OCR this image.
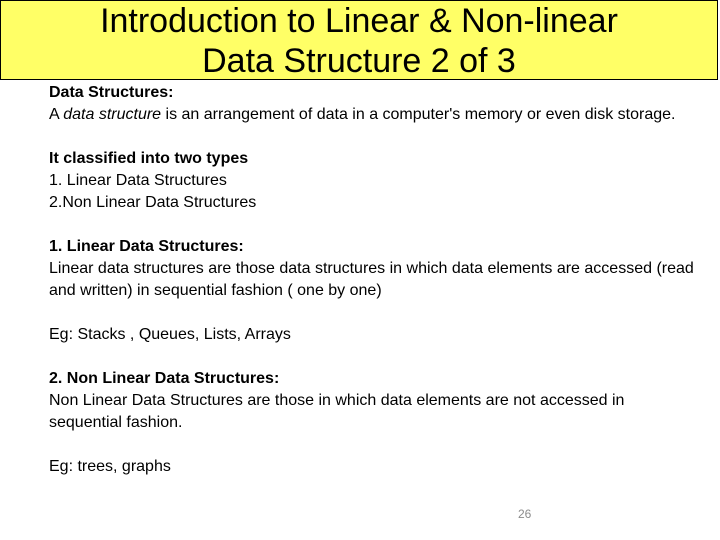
Introduction to Linear & Non-linear
Data Structure 2 of 3

Data Structures:

A data structure is an arrangement of data in a computer's memory or even disk storage.

It classified into two types

1. Linear Data Structures

2.Non Linear Data Structures

1. Linear Data Structures:

Linear data structures are those data structures in which data elements are accessed (read and written) in sequential fashion ( one by one)

Eg: Stacks , Queues, Lists, Arrays

2. Non Linear Data Structures:

Non Linear Data Structures are those in which data elements are not accessed in sequential fashion.

Eg: trees, graphs

26
